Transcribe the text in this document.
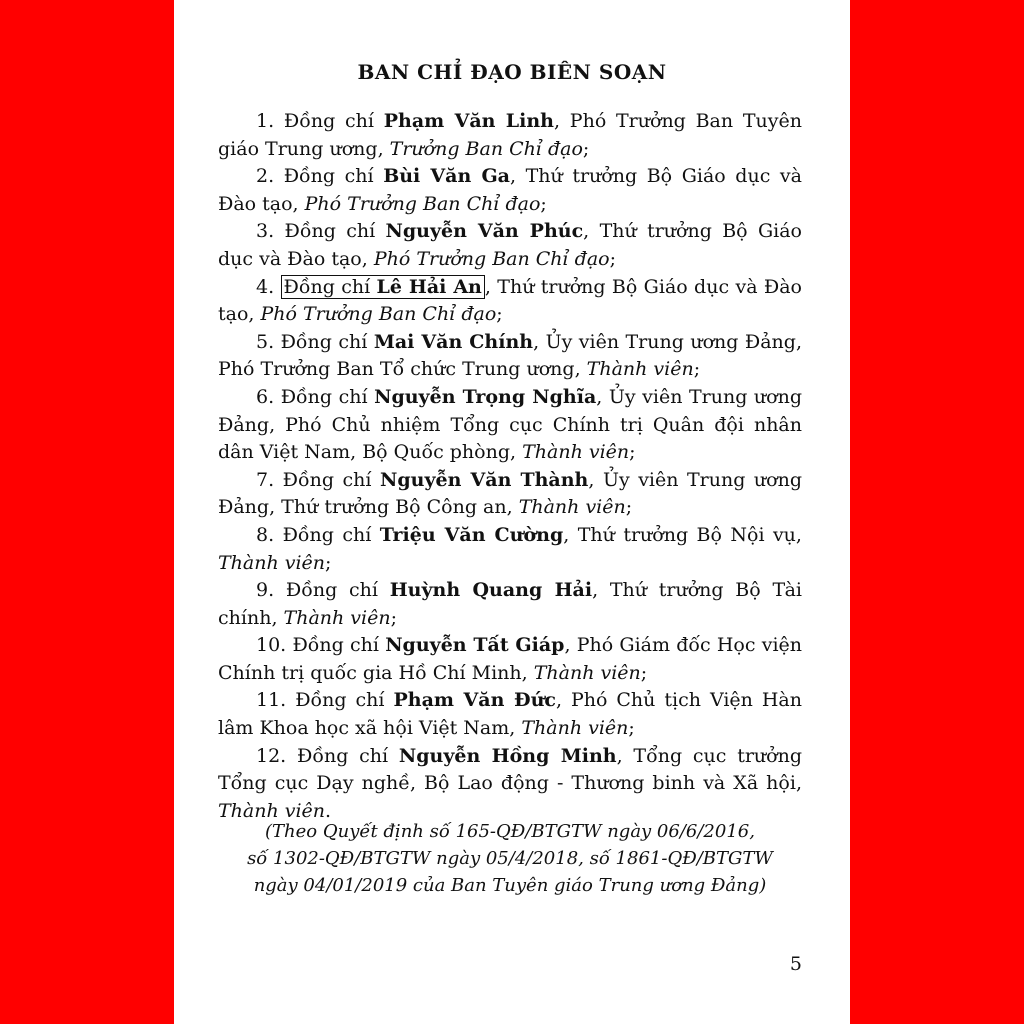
BAN CHỈ ĐẠO BIÊN SOẠN

1. Đồng chí Phạm Văn Linh, Phó Trưởng Ban Tuyên giáo Trung ương, Trưởng Ban Chỉ đạo;

2. Đồng chí Bùi Văn Ga, Thứ trưởng Bộ Giáo dục và Đào tạo, Phó Trưởng Ban Chỉ đạo;

3. Đồng chí Nguyễn Văn Phúc, Thứ trưởng Bộ Giáo dục và Đào tạo, Phó Trưởng Ban Chỉ đạo;

4. Đồng chí Lê Hải An , Thứ trưởng Bộ Giáo dục và Đào tạo, Phó Trưởng Ban Chỉ đạo;

5. Đồng chí Mai Văn Chính, Ủy viên Trung ương Đảng, Phó Trưởng Ban Tổ chức Trung ương, Thành viên;

6. Đồng chí Nguyễn Trọng Nghĩa, Ủy viên Trung ương Đảng, Phó Chủ nhiệm Tổng cục Chính trị Quân đội nhân dân Việt Nam, Bộ Quốc phòng, Thành viên;

7. Đồng chí Nguyễn Văn Thành, Ủy viên Trung ương Đảng, Thứ trưởng Bộ Công an, Thành viên;

8. Đồng chí Triệu Văn Cường, Thứ trưởng Bộ Nội vụ, Thành viên;

9. Đồng chí Huỳnh Quang Hải, Thứ trưởng Bộ Tài chính, Thành viên;

10. Đồng chí Nguyễn Tất Giáp, Phó Giám đốc Học viện Chính trị quốc gia Hồ Chí Minh, Thành viên;

11. Đồng chí Phạm Văn Đức, Phó Chủ tịch Viện Hàn lâm Khoa học xã hội Việt Nam, Thành viên;

12. Đồng chí Nguyễn Hồng Minh, Tổng cục trưởng Tổng cục Dạy nghề, Bộ Lao động - Thương binh và Xã hội, Thành viên.

(Theo Quyết định số 165-QĐ/BTGTW ngày 06/6/2016,
số 1302-QĐ/BTGTW ngày 05/4/2018, số 1861-QĐ/BTGTW
ngày 04/01/2019 của Ban Tuyên giáo Trung ương Đảng)
5
